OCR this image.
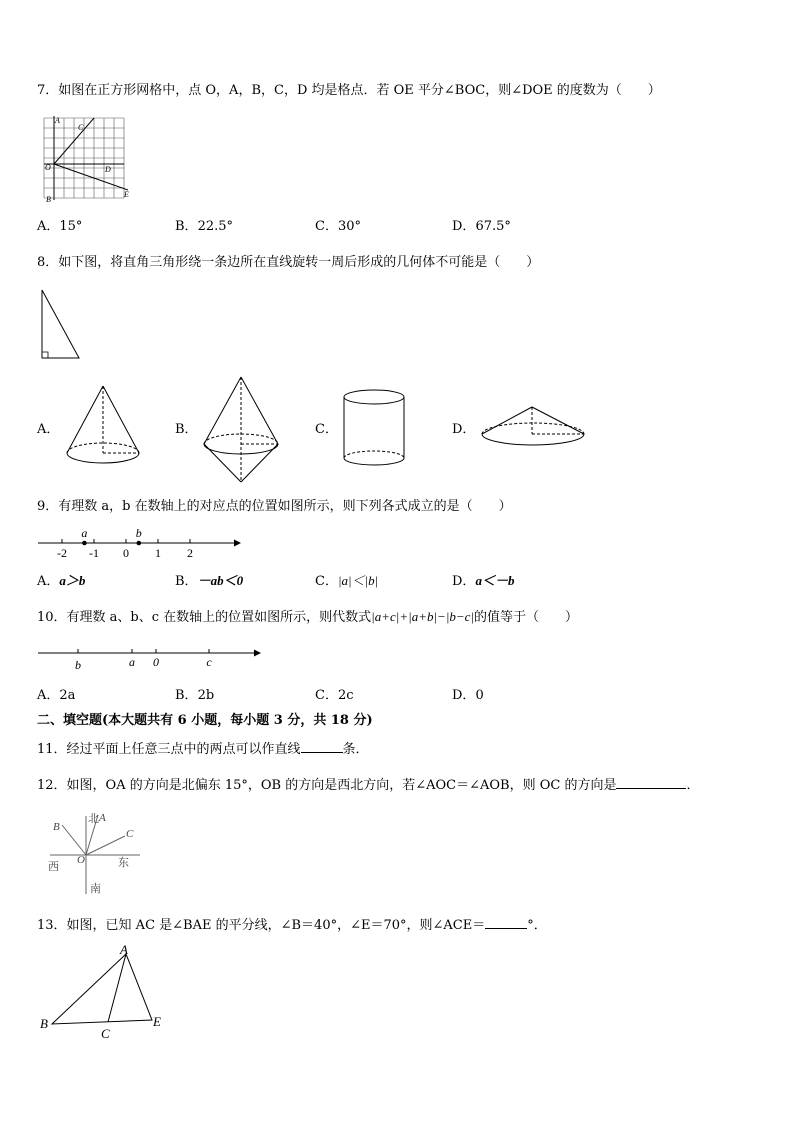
7．如图在正方形网格中，点 O，A，B，C，D 均是格点．若 OE 平分∠BOC，则∠DOE 的度数为（　　）
A
C
O	D
B
E
A．15°	B．22.5°	C．30°	D．67.5°
8．如下图，将直角三角形绕一条边所在直线旋转一周后形成的几何体不可能是（　　）
A．	B．	C．	D．
9．有理数 a，b 在数轴上的对应点的位置如图所示，则下列各式成立的是（　　）
-2 -1 0 1 2
a	b
A．a＞b	B．－ab＜0	C．|a|＜|b|	D．a＜－b
10．有理数 a、b、c 在数轴上的位置如图所示，则代数式|a+c|+|a+b|−|b−c|的值等于（　　）
b	a 0	c
A．2a	B．2b	C．2c	D．0
二、填空题(本大题共有 6 小题，每小题 3 分，共 18 分)
11．经过平面上任意三点中的两点可以作直线	条．
12．如图，OA 的方向是北偏东 15°，OB 的方向是西北方向，若∠AOC＝∠AOB，则 OC 的方向是	．
北 A
B
C
O
西	东
南
13．如图，已知 AC 是∠BAE 的平分线，∠B＝40°，∠E＝70°，则∠ACE＝	°．
A
B
C
E
